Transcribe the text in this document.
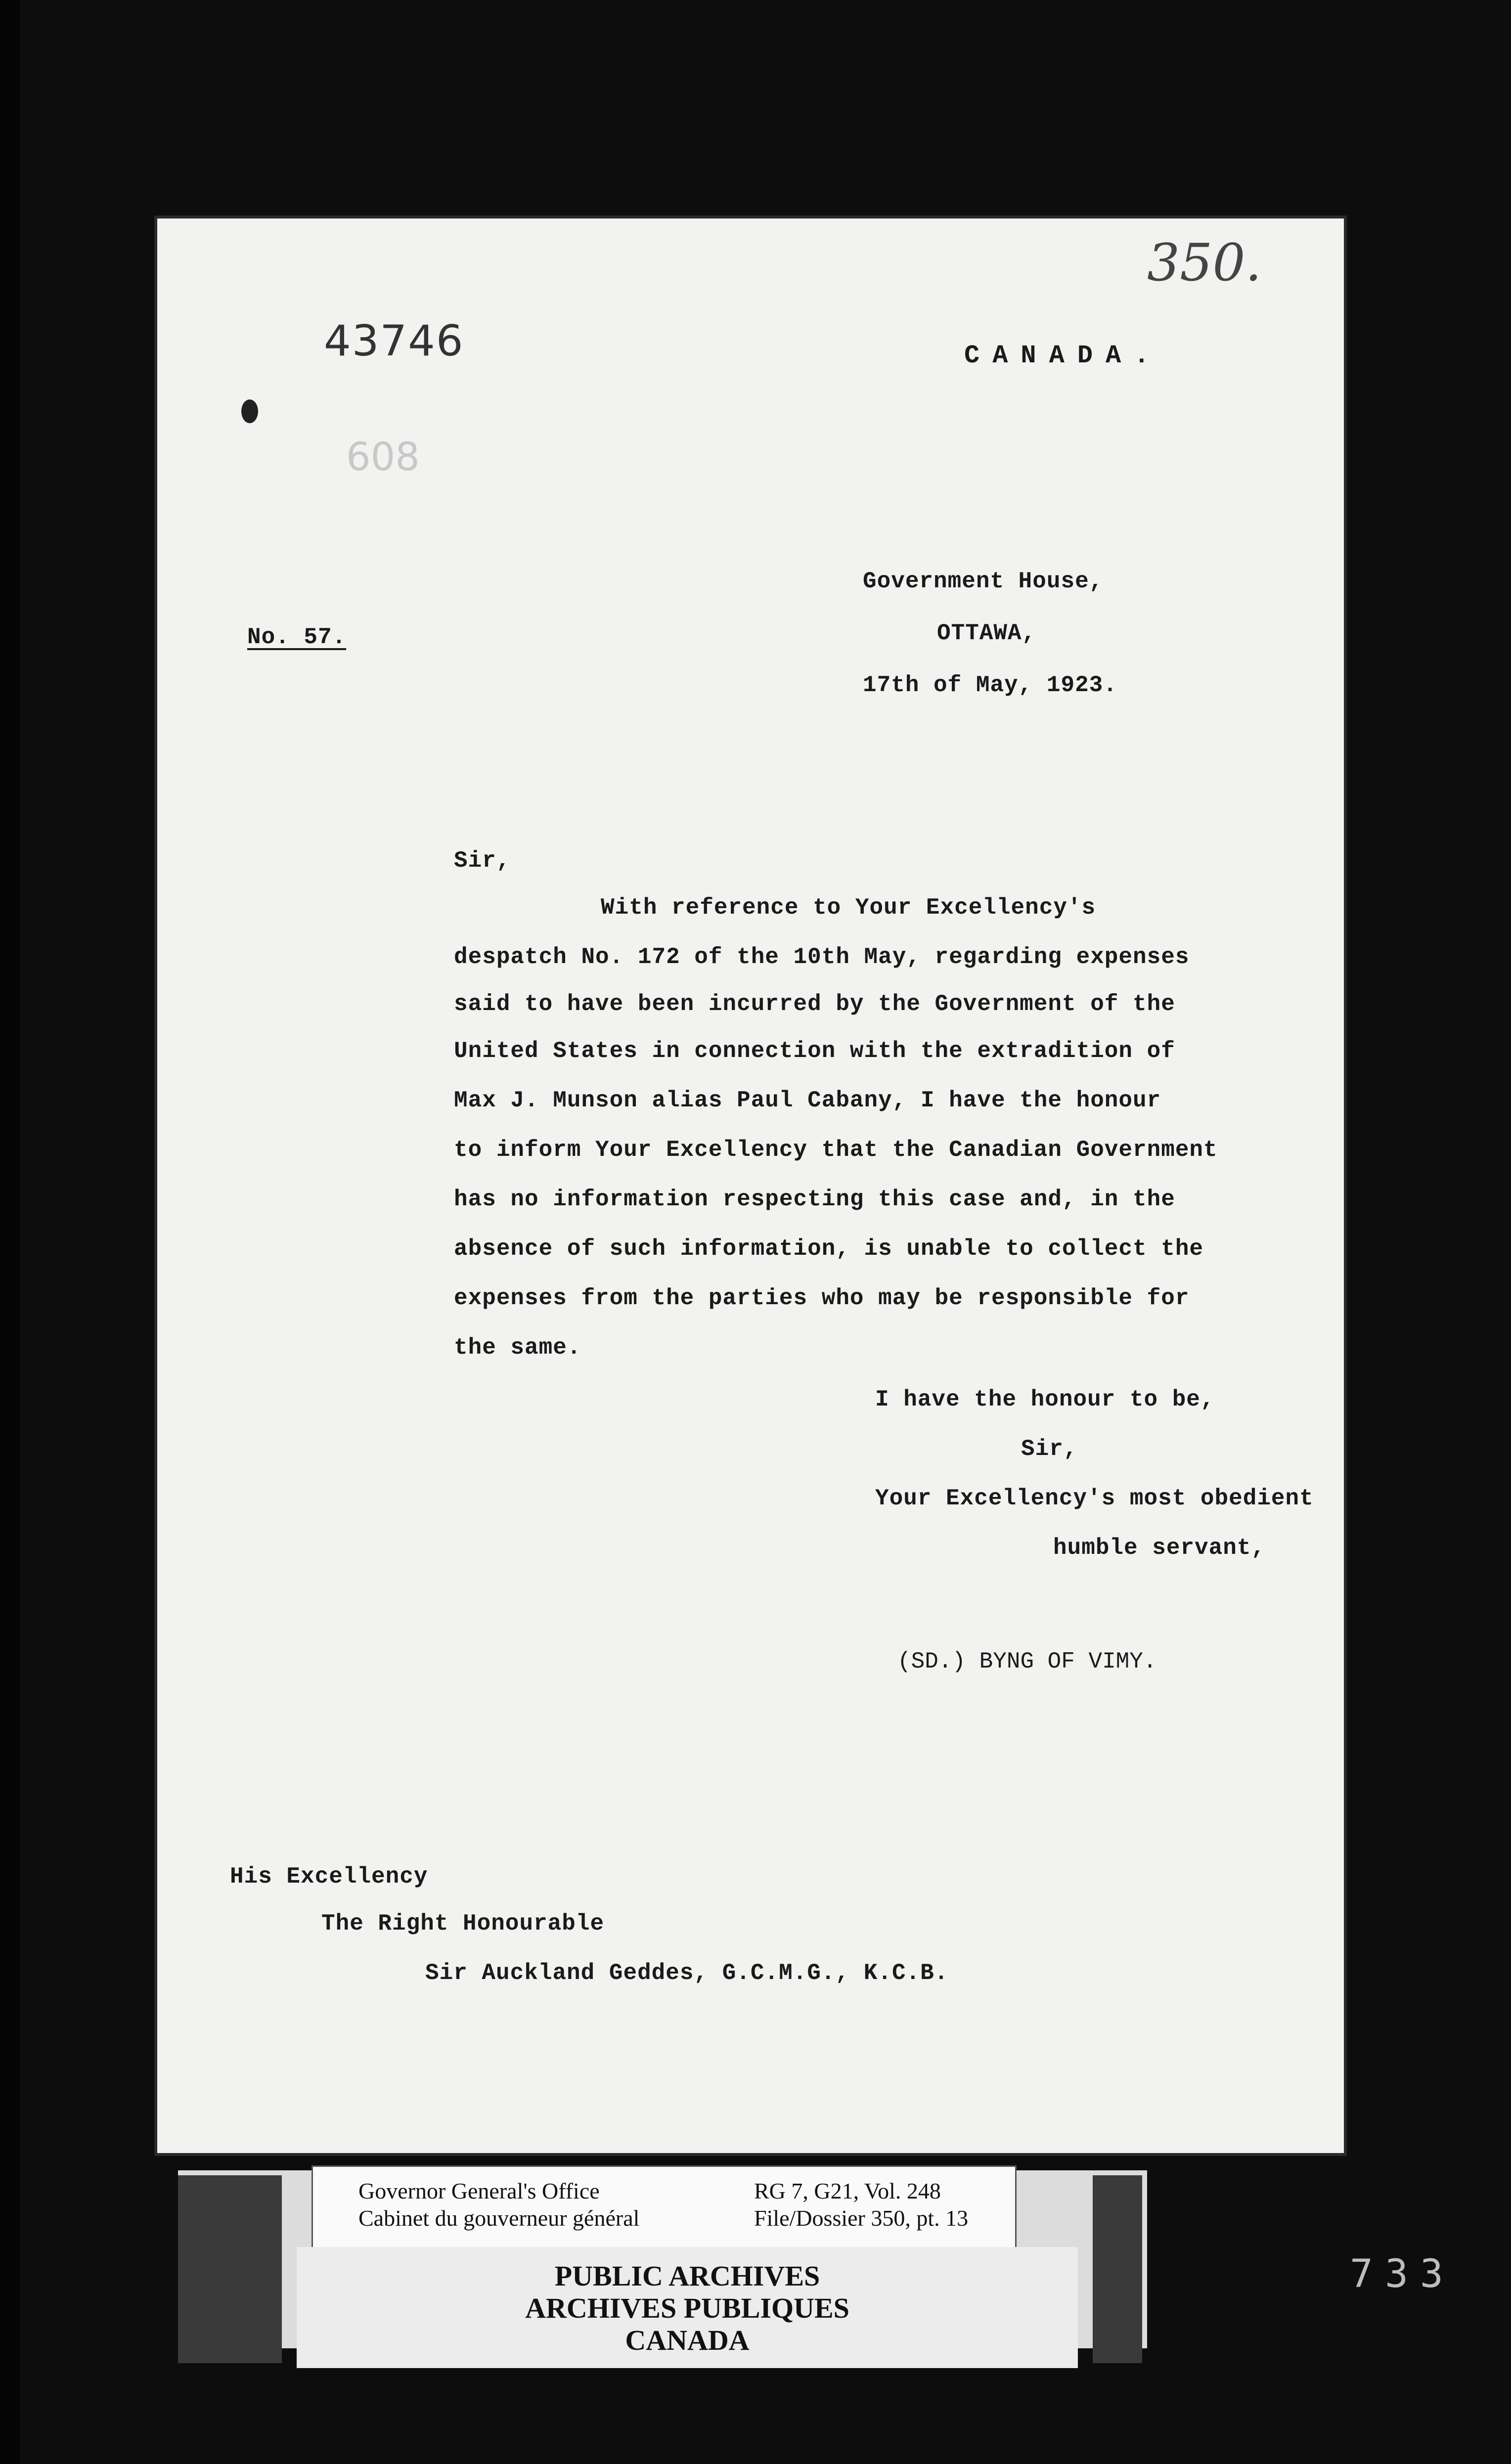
350.
43746
608
CANADA.
Government House,
OTTAWA,
17th of May, 1923.
No. 57.
Sir,
With reference to Your Excellency's
despatch No. 172 of the 10th May, regarding expenses
said to have been incurred by the Government of the
United States in connection with the extradition of
Max J. Munson alias Paul Cabany, I have the honour
to inform Your Excellency that the Canadian Government
has no information respecting this case and, in the
absence of such information, is unable to collect the
expenses from the parties who may be responsible for
the same.
I have the honour to be,
Sir,
Your Excellency's most obedient
humble servant,
(SD.) BYNG OF VIMY.
His Excellency
The Right Honourable
Sir Auckland Geddes, G.C.M.G., K.C.B.
Governor General's Office
Cabinet du gouverneur général
RG 7, G21, Vol. 248
File/Dossier 350, pt. 13
PUBLIC ARCHIVES
ARCHIVES PUBLIQUES
CANADA
733
